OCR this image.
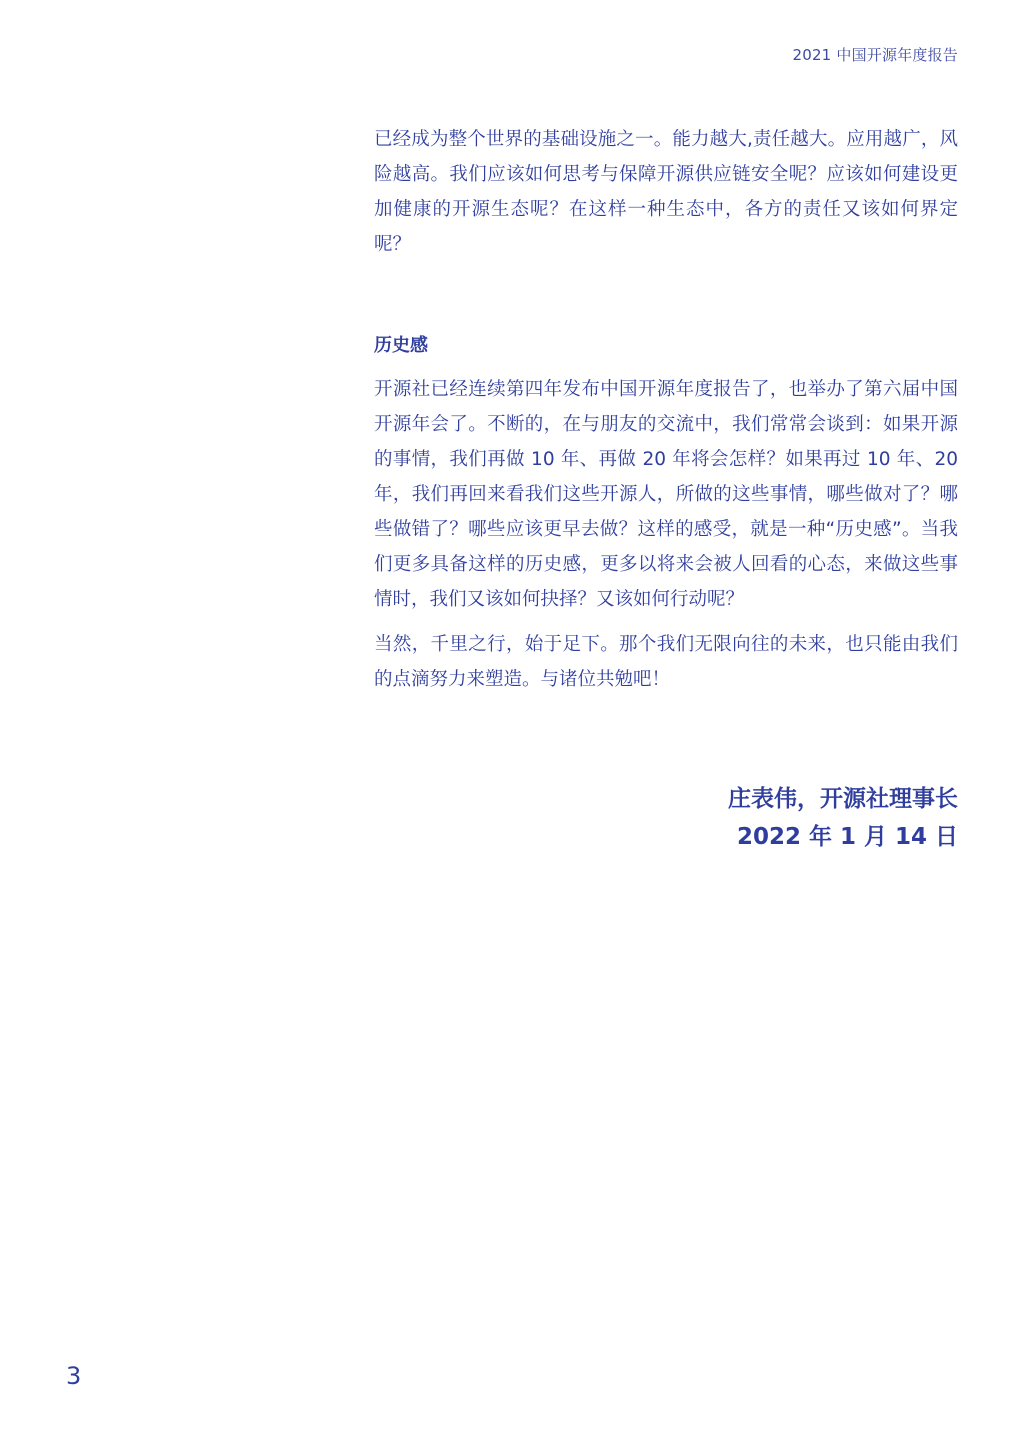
2021 中国开源年度报告

已经成为整个世界的基础设施之一。能力越大,责任越大。应用越广，风险越高。我们应该如何思考与保障开源供应链安全呢？应该如何建设更加健康的开源生态呢？在这样一种生态中，各方的责任又该如何界定呢？

历史感

开源社已经连续第四年发布中国开源年度报告了，也举办了第六届中国开源年会了。不断的，在与朋友的交流中，我们常常会谈到：如果开源的事情，我们再做 10 年、再做 20 年将会怎样？如果再过 10 年、20 年，我们再回来看我们这些开源人，所做的这些事情，哪些做对了？哪些做错了？哪些应该更早去做？这样的感受，就是一种“历史感”。当我们更多具备这样的历史感，更多以将来会被人回看的心态，来做这些事情时，我们又该如何抉择？又该如何行动呢？

当然，千里之行，始于足下。那个我们无限向往的未来，也只能由我们的点滴努力来塑造。与诸位共勉吧！

庄表伟，开源社理事长
2022 年 1 月 14 日
3
